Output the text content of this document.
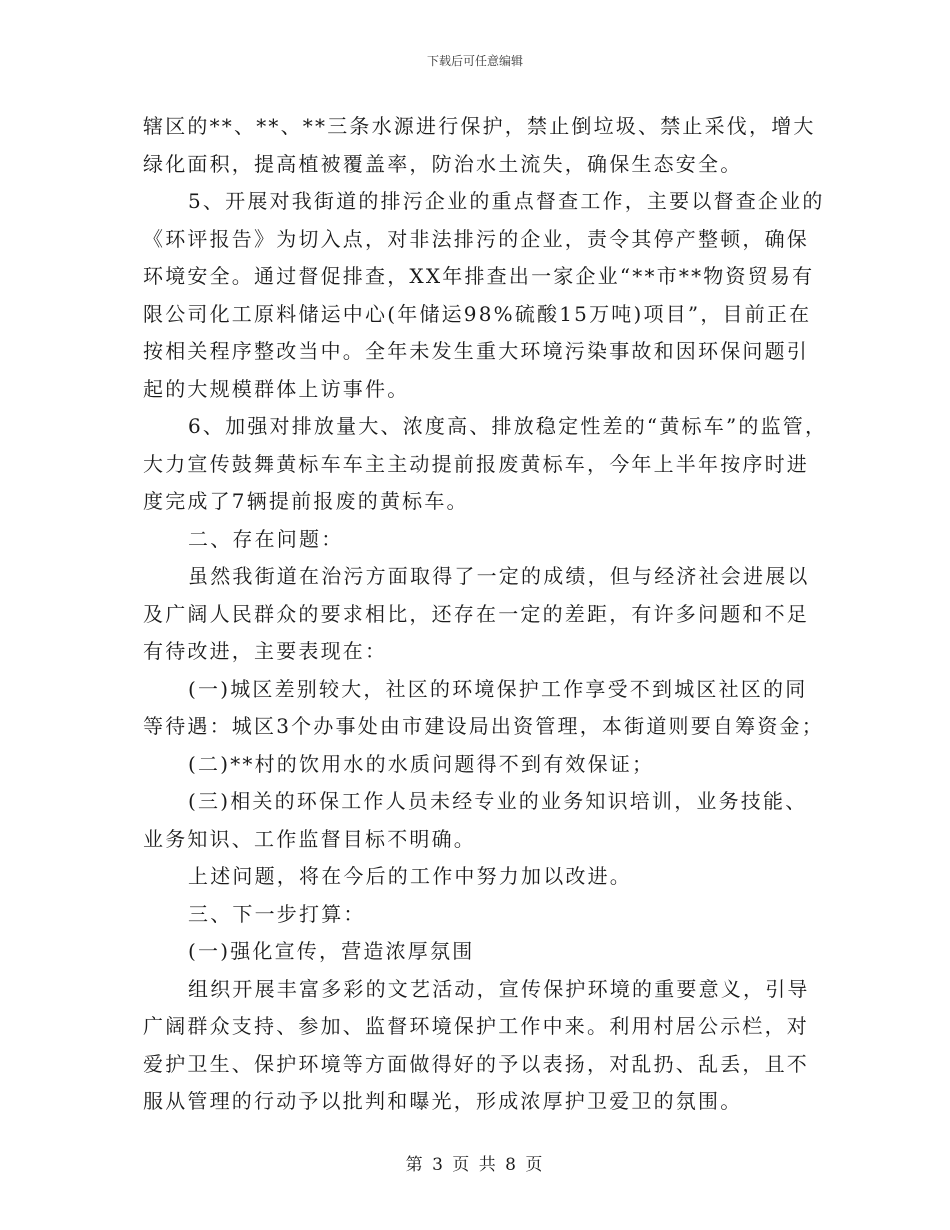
下载后可任意编辑
辖区的**、**、**三条水源进行保护，禁止倒垃圾、禁止采伐，增大
绿化面积，提高植被覆盖率，防治水土流失，确保生态安全。
5、开展对我街道的排污企业的重点督查工作，主要以督查企业的
《环评报告》为切入点，对非法排污的企业，责令其停产整顿，确保
环境安全。通过督促排查，XX年排查出一家企业“**市**物资贸易有
限公司化工原料储运中心(年储运98%硫酸15万吨)项目”，目前正在
按相关程序整改当中。全年未发生重大环境污染事故和因环保问题引
起的大规模群体上访事件。
6、加强对排放量大、浓度高、排放稳定性差的“黄标车”的监管，
大力宣传鼓舞黄标车车主主动提前报废黄标车，今年上半年按序时进
度完成了7辆提前报废的黄标车。
二、存在问题：
虽然我街道在治污方面取得了一定的成绩，但与经济社会进展以
及广阔人民群众的要求相比，还存在一定的差距，有许多问题和不足
有待改进，主要表现在：
(一)城区差别较大，社区的环境保护工作享受不到城区社区的同
等待遇：城区3个办事处由市建设局出资管理，本街道则要自筹资金；
(二)**村的饮用水的水质问题得不到有效保证；
(三)相关的环保工作人员未经专业的业务知识培训，业务技能、
业务知识、工作监督目标不明确。
上述问题，将在今后的工作中努力加以改进。
三、下一步打算：
(一)强化宣传，营造浓厚氛围
组织开展丰富多彩的文艺活动，宣传保护环境的重要意义，引导
广阔群众支持、参加、监督环境保护工作中来。利用村居公示栏，对
爱护卫生、保护环境等方面做得好的予以表扬，对乱扔、乱丢，且不
服从管理的行动予以批判和曝光，形成浓厚护卫爱卫的氛围。
第 3 页 共 8 页
